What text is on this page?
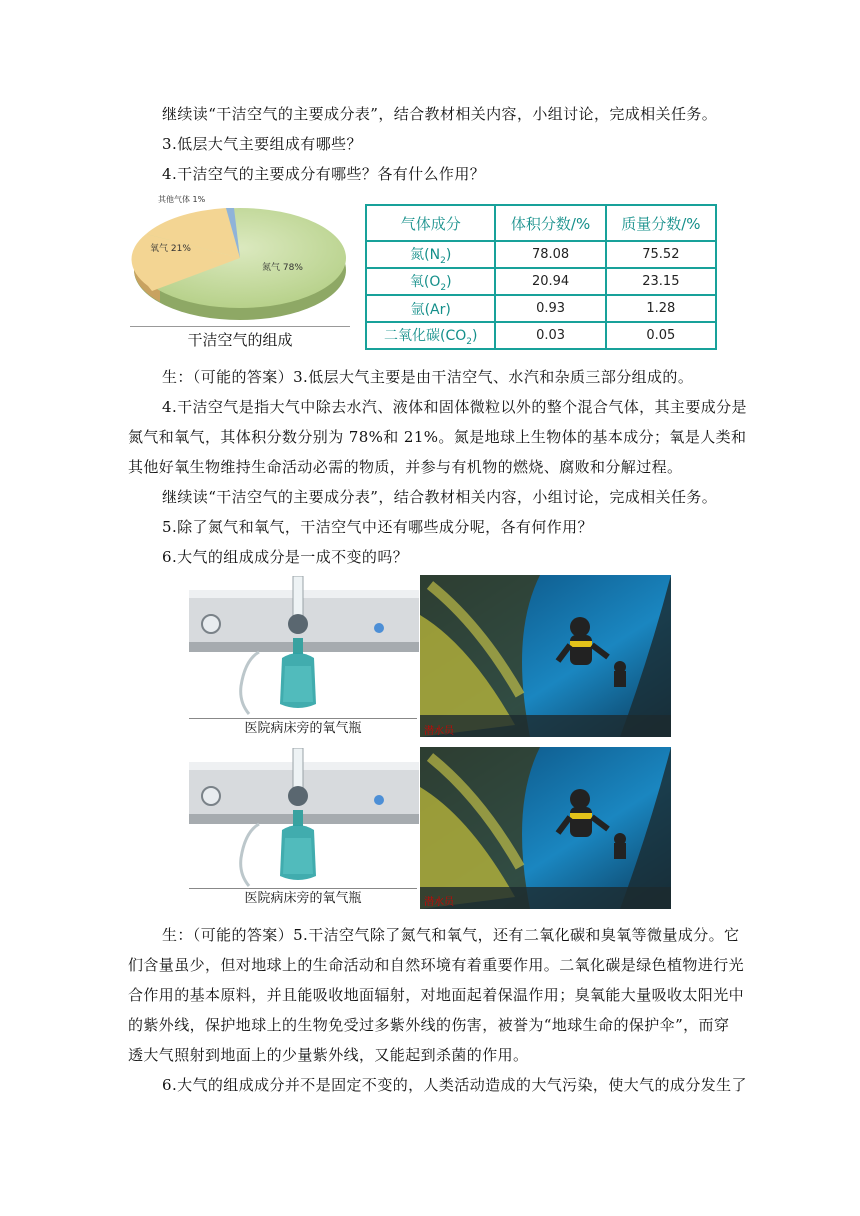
继续读“干洁空气的主要成分表”，结合教材相关内容，小组讨论，完成相关任务。
3.低层大气主要组成有哪些？
4.干洁空气的主要成分有哪些？各有什么作用？
其他气体 1%
氧气 21%
氮气 78%
干洁空气的组成
气体成分	体积分数/%	质量分数/%
氮$(N_2)$	78.08	75.52
氧$(O_2)$	20.94	23.15
氩(Ar)	0.93	1.28
二氧化碳$(CO_2)$	0.03	0.05
生：（可能的答案）3.低层大气主要是由干洁空气、水汽和杂质三部分组成的。
4.干洁空气是指大气中除去水汽、液体和固体微粒以外的整个混合气体，其主要成分是
氮气和氧气，其体积分数分别为 78%和 21%。氮是地球上生物体的基本成分；氧是人类和
其他好氧生物维持生命活动必需的物质，并参与有机物的燃烧、腐败和分解过程。
继续读“干洁空气的主要成分表”，结合教材相关内容，小组讨论，完成相关任务。
5.除了氮气和氧气，干洁空气中还有哪些成分呢，各有何作用？
6.大气的组成成分是一成不变的吗？
医院病床旁的氧气瓶	潜水员
医院病床旁的氧气瓶	潜水员
生：（可能的答案）5.干洁空气除了氮气和氧气，还有二氧化碳和臭氧等微量成分。它
们含量虽少，但对地球上的生命活动和自然环境有着重要作用。二氧化碳是绿色植物进行光
合作用的基本原料，并且能吸收地面辐射，对地面起着保温作用；臭氧能大量吸收太阳光中
的紫外线，保护地球上的生物免受过多紫外线的伤害，被誉为“地球生命的保护伞”，而穿
透大气照射到地面上的少量紫外线，又能起到杀菌的作用。
6.大气的组成成分并不是固定不变的，人类活动造成的大气污染，使大气的成分发生了
